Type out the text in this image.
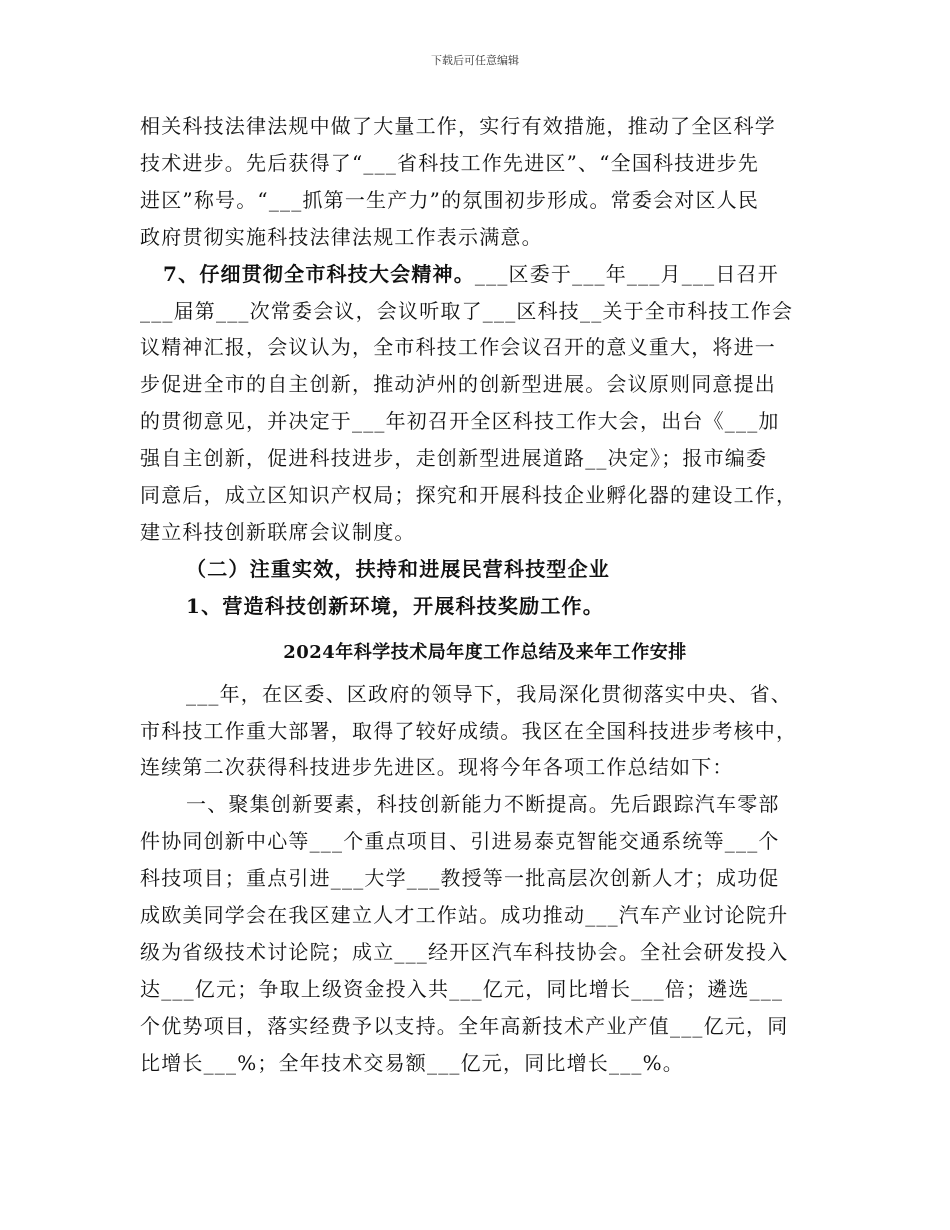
下载后可任意编辑
相关科技法律法规中做了大量工作，实行有效措施，推动了全区科学
技术进步。先后获得了“___省科技工作先进区”、“全国科技进步先
进区”称号。“___抓第一生产力”的氛围初步形成。常委会对区人民
政府贯彻实施科技法律法规工作表示满意。
7、仔细贯彻全市科技大会精神。___区委于___年___月___日召开
___届第___次常委会议，会议听取了___区科技__关于全市科技工作会
议精神汇报，会议认为，全市科技工作会议召开的意义重大，将进一
步促进全市的自主创新，推动泸州的创新型进展。会议原则同意提出
的贯彻意见，并决定于___年初召开全区科技工作大会，出台《___加
强自主创新，促进科技进步，走创新型进展道路__决定》；报市编委
同意后，成立区知识产权局；探究和开展科技企业孵化器的建设工作，
建立科技创新联席会议制度。
（二）注重实效，扶持和进展民营科技型企业
1、营造科技创新环境，开展科技奖励工作。
2024年科学技术局年度工作总结及来年工作安排
___年，在区委、区政府的领导下，我局深化贯彻落实中央、省、
市科技工作重大部署，取得了较好成绩。我区在全国科技进步考核中，
连续第二次获得科技进步先进区。现将今年各项工作总结如下：
一、聚集创新要素，科技创新能力不断提高。先后跟踪汽车零部
件协同创新中心等___个重点项目、引进易泰克智能交通系统等___个
科技项目；重点引进___大学___教授等一批高层次创新人才；成功促
成欧美同学会在我区建立人才工作站。成功推动___汽车产业讨论院升
级为省级技术讨论院；成立___经开区汽车科技协会。全社会研发投入
达___亿元；争取上级资金投入共___亿元，同比增长___倍；遴选___
个优势项目，落实经费予以支持。全年高新技术产业产值___亿元，同
比增长___%；全年技术交易额___亿元，同比增长___%。
